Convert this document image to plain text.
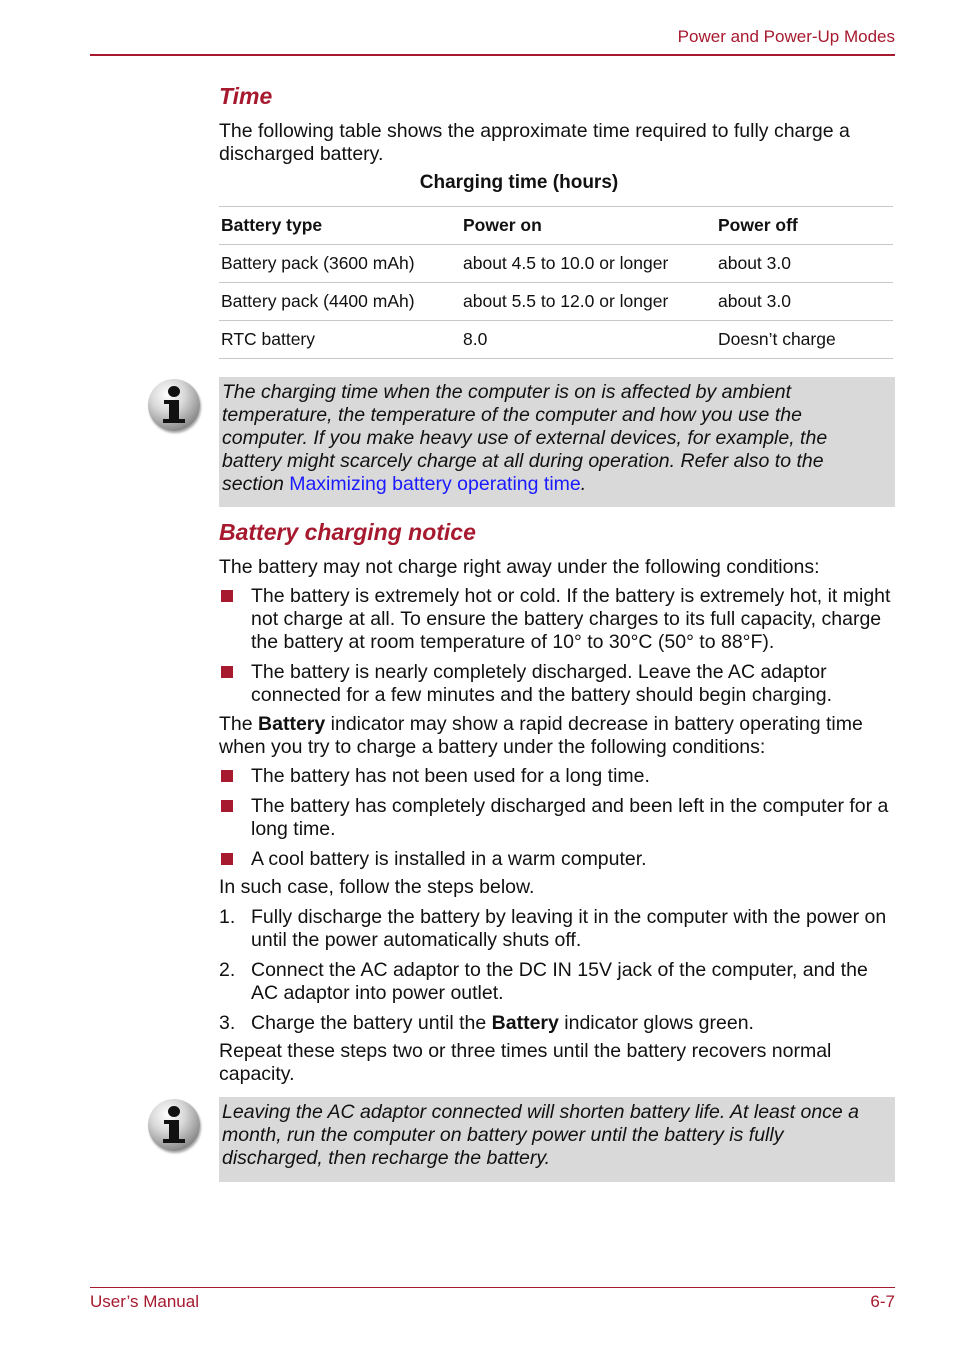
Power and Power-Up Modes
Time
The following table shows the approximate time required to fully charge a discharged battery.
Charging time (hours)
Battery type	Power on	Power off
Battery pack (3600 mAh)	about 4.5 to 10.0 or longer	about 3.0
Battery pack (4400 mAh)	about 5.5 to 12.0 or longer	about 3.0
RTC battery	8.0	Doesn’t charge
The charging time when the computer is on is affected by ambient temperature, the temperature of the computer and how you use the computer. If you make heavy use of external devices, for example, the battery might scarcely charge at all during operation. Refer also to the section Maximizing battery operating time.
Battery charging notice
The battery may not charge right away under the following conditions:
The battery is extremely hot or cold. If the battery is extremely hot, it might not charge at all. To ensure the battery charges to its full capacity, charge the battery at room temperature of 10° to 30°C (50° to 88°F).
The battery is nearly completely discharged. Leave the AC adaptor connected for a few minutes and the battery should begin charging.
The Battery indicator may show a rapid decrease in battery operating time when you try to charge a battery under the following conditions:
The battery has not been used for a long time.
The battery has completely discharged and been left in the computer for a long time.
A cool battery is installed in a warm computer.
In such case, follow the steps below.
1. Fully discharge the battery by leaving it in the computer with the power on until the power automatically shuts off.
2. Connect the AC adaptor to the DC IN 15V jack of the computer, and the AC adaptor into power outlet.
3. Charge the battery until the Battery indicator glows green.
Repeat these steps two or three times until the battery recovers normal capacity.
Leaving the AC adaptor connected will shorten battery life. At least once a month, run the computer on battery power until the battery is fully discharged, then recharge the battery.
User’s Manual	6-7
